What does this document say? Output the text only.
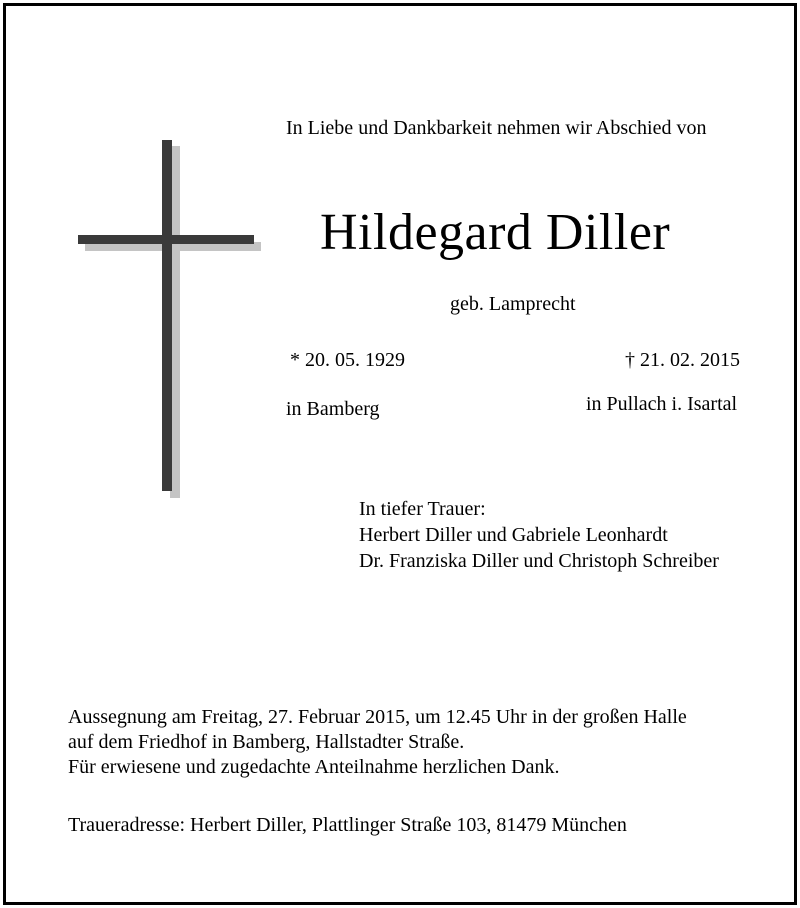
In Liebe und Dankbarkeit nehmen wir Abschied von
Hildegard Diller
geb. Lamprecht
* 20. 05. 1929	† 21. 02. 2015
in Bamberg	in Pullach i. Isartal
In tiefer Trauer:
Herbert Diller und Gabriele Leonhardt
Dr. Franziska Diller und Christoph Schreiber
Aussegnung am Freitag, 27. Februar 2015, um 12.45 Uhr in der großen Halle
auf dem Friedhof in Bamberg, Hallstadter Straße.
Für erwiesene und zugedachte Anteilnahme herzlichen Dank.
Traueradresse: Herbert Diller, Plattlinger Straße 103, 81479 München
